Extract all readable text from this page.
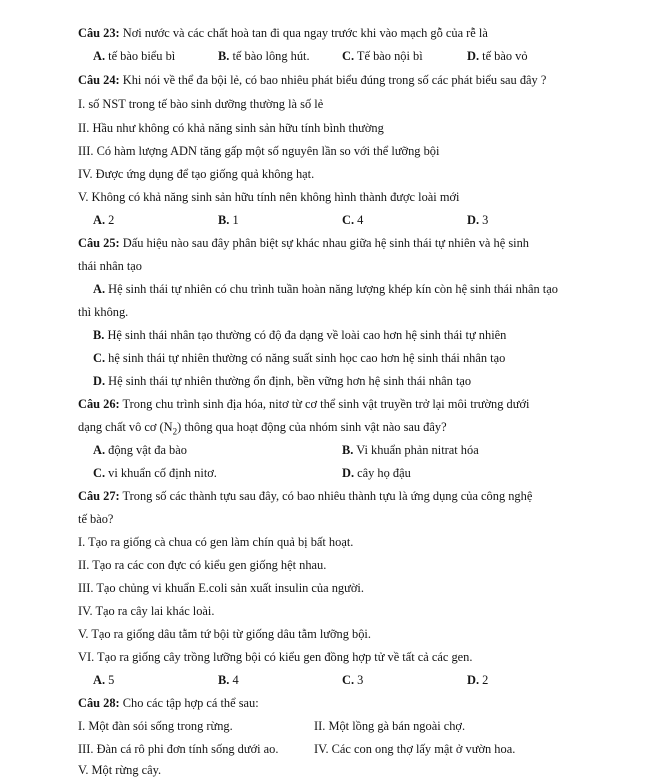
Câu 23: Nơi nước và các chất hoà tan đi qua ngay trước khi vào mạch gỗ của rễ là
A. tế bào biểu bì	B. tế bào lông hút.	C. Tế bào nội bì	D. tế bào vỏ
Câu 24: Khi nói về thể đa bội lẻ, có bao nhiêu phát biểu đúng trong số các phát biểu sau đây ?
I. số NST trong tế bào sinh dưỡng thường là số lẻ
II. Hầu như không có khả năng sinh sản hữu tính bình thường
III. Có hàm lượng ADN tăng gấp một số nguyên lần so với thể lưỡng bội
IV. Được ứng dụng để tạo giống quả không hạt.
V. Không có khả năng sinh sản hữu tính nên không hình thành được loài mới
A. 2	B. 1	C. 4	D. 3
Câu 25: Dấu hiệu nào sau đây phân biệt sự khác nhau giữa hệ sinh thái tự nhiên và hệ sinh
thái nhân tạo
A. Hệ sinh thái tự nhiên có chu trình tuần hoàn năng lượng khép kín còn hệ sinh thái nhân tạo
thì không.
B. Hệ sinh thái nhân tạo thường có độ đa dạng về loài cao hơn hệ sinh thái tự nhiên
C. hệ sinh thái tự nhiên thường có năng suất sinh học cao hơn hệ sinh thái nhân tạo
D. Hệ sinh thái tự nhiên thường ổn định, bền vững hơn hệ sinh thái nhân tạo
Câu 26: Trong chu trình sinh địa hóa, nitơ từ cơ thể sinh vật truyền trở lại môi trường dưới
dạng chất vô cơ $(N_2)$ thông qua hoạt động của nhóm sinh vật nào sau đây?
A. động vật đa bào	B. Vi khuẩn phản nitrat hóa
C. vi khuẩn cố định nitơ.	D. cây họ đậu
Câu 27: Trong số các thành tựu sau đây, có bao nhiêu thành tựu là ứng dụng của công nghệ
tế bào?
I. Tạo ra giống cà chua có gen làm chín quả bị bất hoạt.
II. Tạo ra các con đực có kiểu gen giống hệt nhau.
III. Tạo chủng vi khuẩn E.coli sản xuất insulin của người.
IV. Tạo ra cây lai khác loài.
V. Tạo ra giống dâu tằm tứ bội từ giống dâu tằm lưỡng bội.
VI. Tạo ra giống cây trồng lưỡng bội có kiểu gen đồng hợp tử về tất cả các gen.
A. 5	B. 4	C. 3	D. 2
Câu 28: Cho các tập hợp cá thể sau:
I. Một đàn sói sống trong rừng.	II. Một lồng gà bán ngoài chợ.
III. Đàn cá rô phi đơn tính sống dưới ao.	IV. Các con ong thợ lấy mật ở vườn hoa.
V. Một rừng cây.
